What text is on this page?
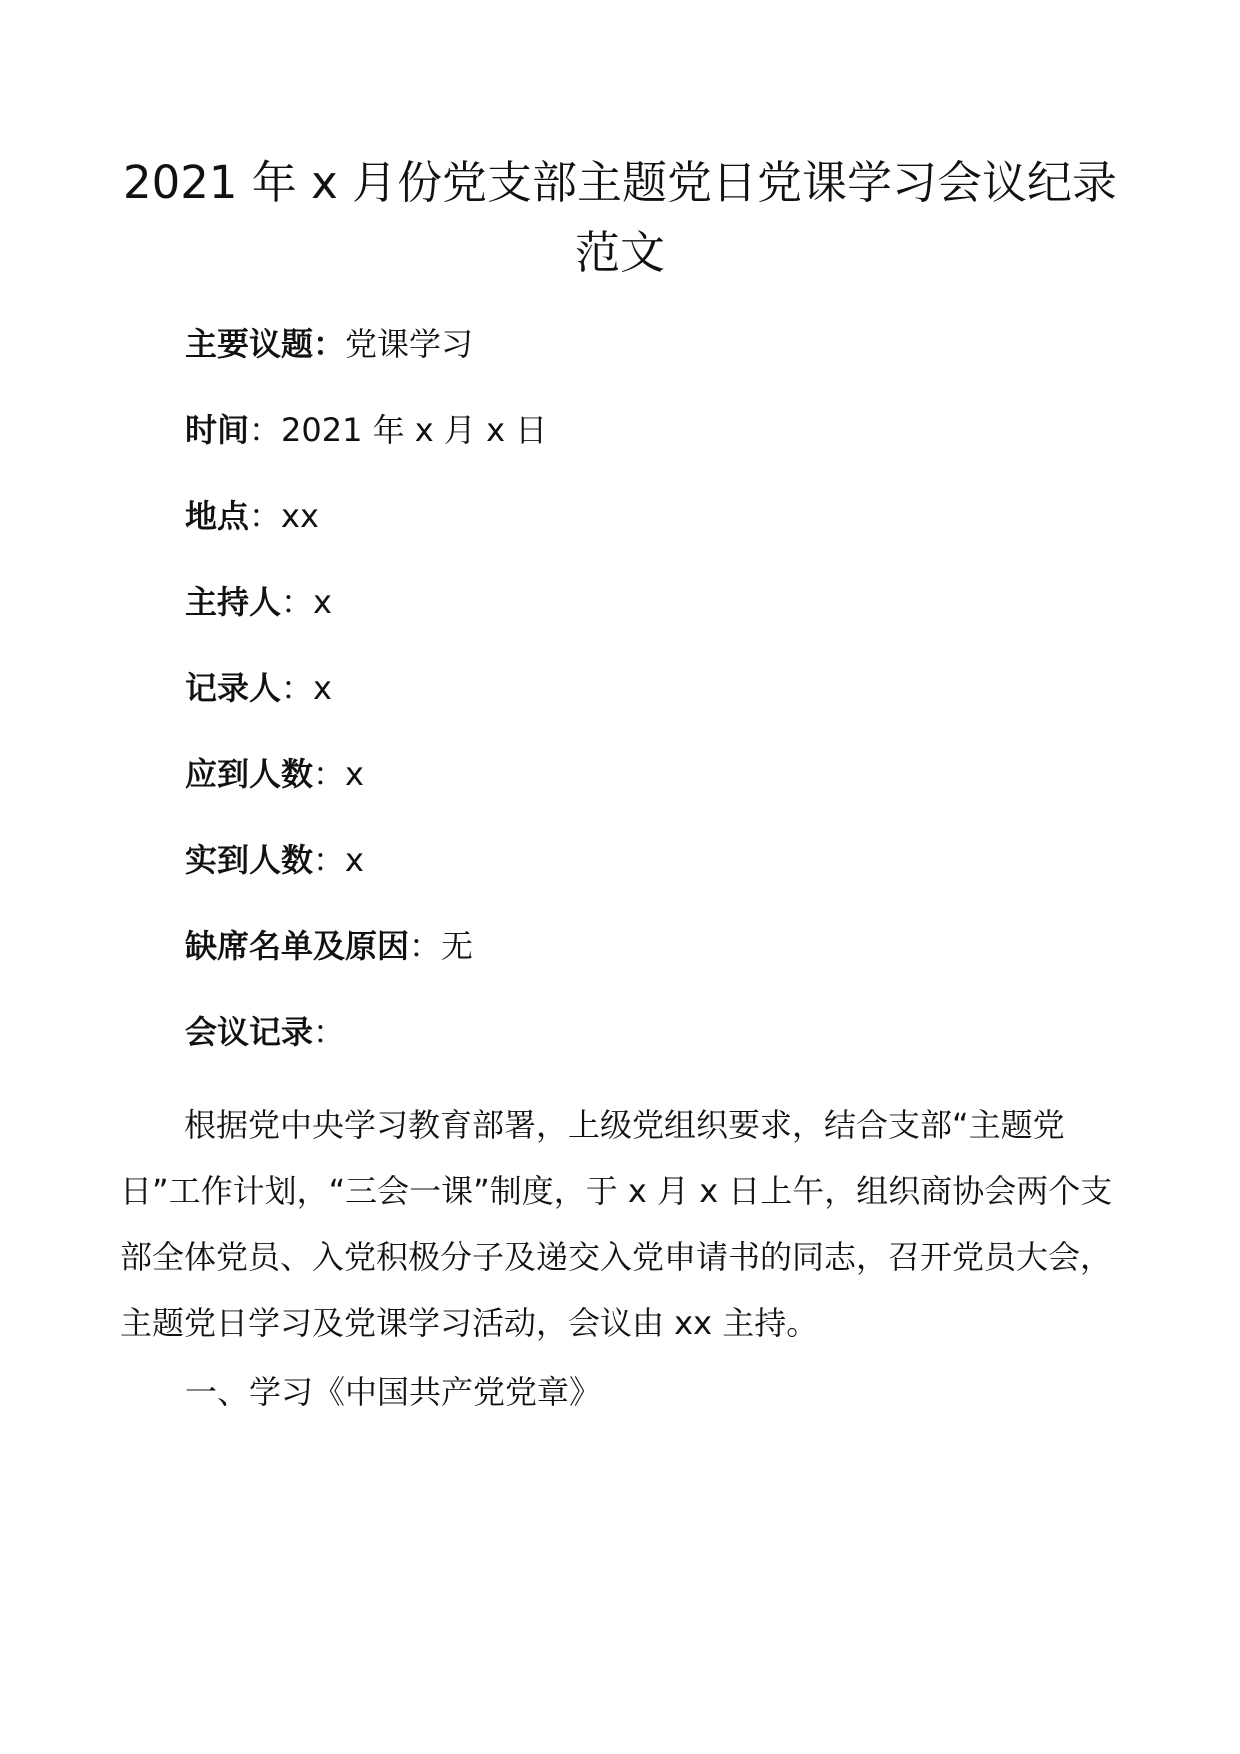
2021 年 x 月份党支部主题党日党课学习会议纪录范文
主要议题：党课学习
时间：2021 年 x 月 x 日
地点：xx
主持人：x
记录人：x
应到人数：x
实到人数：x
缺席名单及原因：无
会议记录：

根据党中央学习教育部署，上级党组织要求，结合支部“主题党日”工作计划，“三会一课”制度，于 x 月 x 日上午，组织商协会两个支部全体党员、入党积极分子及递交入党申请书的同志，召开党员大会，主题党日学习及党课学习活动，会议由 xx 主持。

一、学习《中国共产党党章》
